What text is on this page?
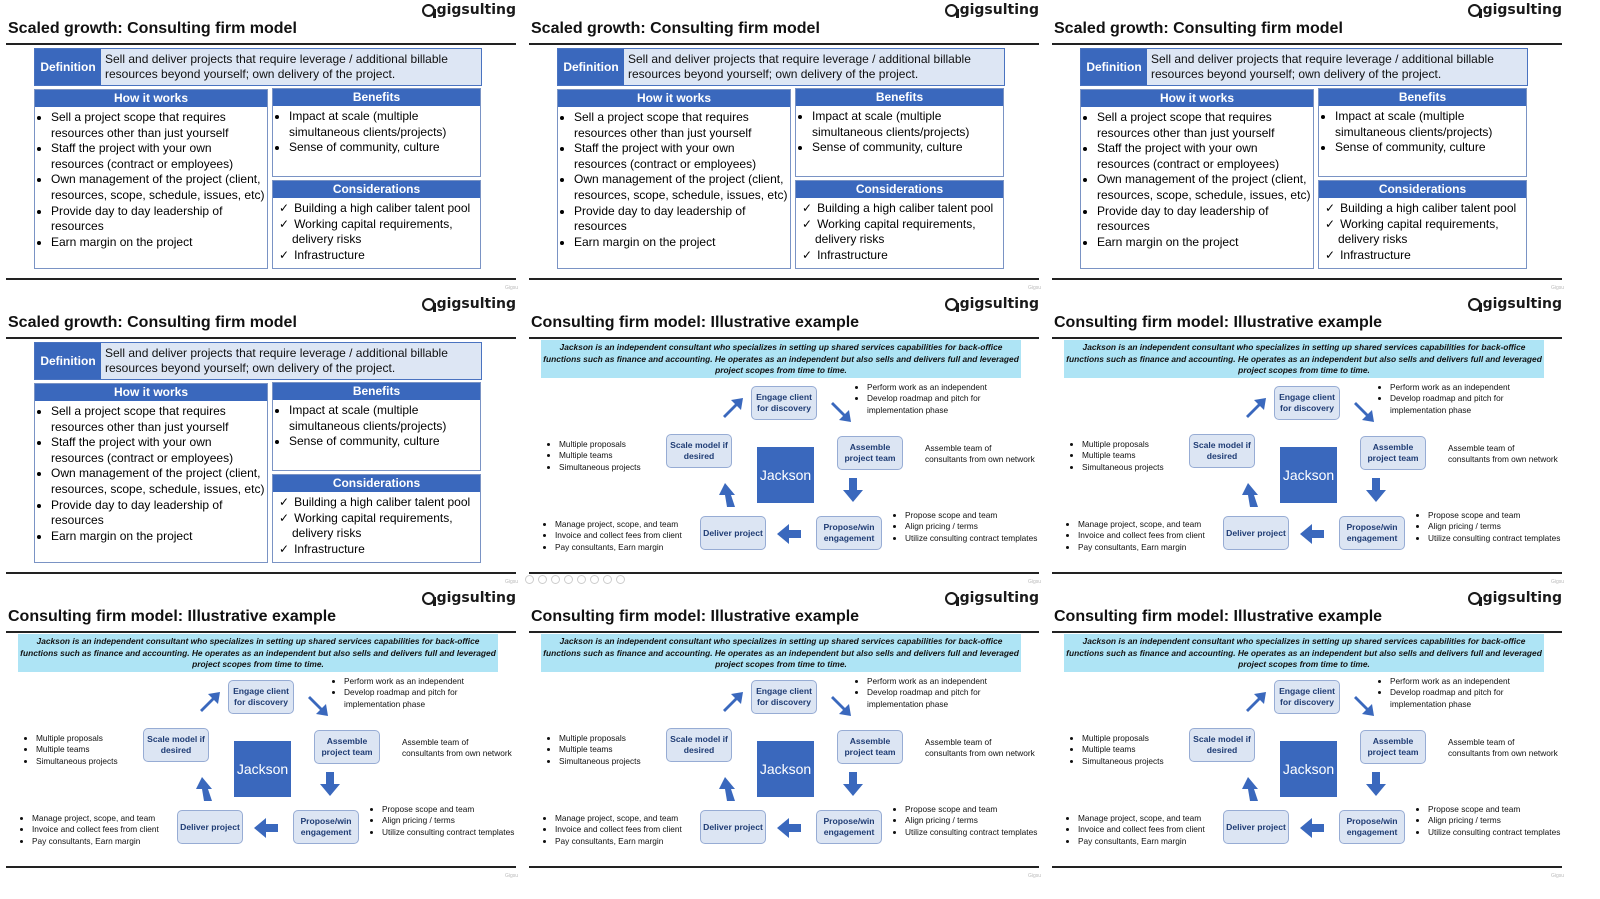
gigsulting
Scaled growth: Consulting firm model
Definition
Sell and deliver projects that require leverage / additional billable resources beyond yourself; own delivery of the project.
How it works
• Sell a project scope that requires resources other than just yourself
• Staff the project with your own resources (contract or employees)
• Own management of the project (client, resources, scope, schedule, issues, etc)
• Provide day to day leadership of resources
• Earn margin on the project
Benefits
• Impact at scale (multiple simultaneous clients/projects)
• Sense of community, culture
Considerations
✓ Building a high caliber talent pool
✓ Working capital requirements, delivery risks
✓ Infrastructure
Gigsu
gigsulting
Scaled growth: Consulting firm model
Definition
Sell and deliver projects that require leverage / additional billable resources beyond yourself; own delivery of the project.
How it works
• Sell a project scope that requires resources other than just yourself
• Staff the project with your own resources (contract or employees)
• Own management of the project (client, resources, scope, schedule, issues, etc)
• Provide day to day leadership of resources
• Earn margin on the project
Benefits
• Impact at scale (multiple simultaneous clients/projects)
• Sense of community, culture
Considerations
✓ Building a high caliber talent pool
✓ Working capital requirements, delivery risks
✓ Infrastructure
Gigsu
gigsulting
Scaled growth: Consulting firm model
Definition
Sell and deliver projects that require leverage / additional billable resources beyond yourself; own delivery of the project.
How it works
• Sell a project scope that requires resources other than just yourself
• Staff the project with your own resources (contract or employees)
• Own management of the project (client, resources, scope, schedule, issues, etc)
• Provide day to day leadership of resources
• Earn margin on the project
Benefits
• Impact at scale (multiple simultaneous clients/projects)
• Sense of community, culture
Considerations
✓ Building a high caliber talent pool
✓ Working capital requirements, delivery risks
✓ Infrastructure
Gigsu
gigsulting
Scaled growth: Consulting firm model
Definition
Sell and deliver projects that require leverage / additional billable resources beyond yourself; own delivery of the project.
How it works
• Sell a project scope that requires resources other than just yourself
• Staff the project with your own resources (contract or employees)
• Own management of the project (client, resources, scope, schedule, issues, etc)
• Provide day to day leadership of resources
• Earn margin on the project
Benefits
• Impact at scale (multiple simultaneous clients/projects)
• Sense of community, culture
Considerations
✓ Building a high caliber talent pool
✓ Working capital requirements, delivery risks
✓ Infrastructure
Gigsu
gigsulting
Consulting firm model: Illustrative example
Jackson is an independent consultant who specializes in setting up shared services capabilities for back-office functions such as finance and accounting. He operates as an independent but also sells and delivers full and leveraged project scopes from time to time.
Jackson
Engage client for discovery
Assemble project team
Propose/win engagement
Deliver project
Scale model if desired
• Perform work as an independent
• Develop roadmap and pitch for implementation phase
Assemble team of consultants from own network
• Propose scope and team
• Align pricing / terms
• Utilize consulting contract templates
• Manage project, scope, and team
• Invoice and collect fees from client
• Pay consultants, Earn margin
• Multiple proposals
• Multiple teams
• Simultaneous projects
Gigsu
gigsulting
Consulting firm model: Illustrative example
Jackson is an independent consultant who specializes in setting up shared services capabilities for back-office functions such as finance and accounting. He operates as an independent but also sells and delivers full and leveraged project scopes from time to time.
Jackson
Engage client for discovery
Assemble project team
Propose/win engagement
Deliver project
Scale model if desired
• Perform work as an independent
• Develop roadmap and pitch for implementation phase
Assemble team of consultants from own network
• Propose scope and team
• Align pricing / terms
• Utilize consulting contract templates
• Manage project, scope, and team
• Invoice and collect fees from client
• Pay consultants, Earn margin
• Multiple proposals
• Multiple teams
• Simultaneous projects
Gigsu
gigsulting
Consulting firm model: Illustrative example
Jackson is an independent consultant who specializes in setting up shared services capabilities for back-office functions such as finance and accounting. He operates as an independent but also sells and delivers full and leveraged project scopes from time to time.
Jackson
Engage client for discovery
Assemble project team
Propose/win engagement
Deliver project
Scale model if desired
• Perform work as an independent
• Develop roadmap and pitch for implementation phase
Assemble team of consultants from own network
• Propose scope and team
• Align pricing / terms
• Utilize consulting contract templates
• Manage project, scope, and team
• Invoice and collect fees from client
• Pay consultants, Earn margin
• Multiple proposals
• Multiple teams
• Simultaneous projects
Gigsu
gigsulting
Consulting firm model: Illustrative example
Jackson is an independent consultant who specializes in setting up shared services capabilities for back-office functions such as finance and accounting. He operates as an independent but also sells and delivers full and leveraged project scopes from time to time.
Jackson
Engage client for discovery
Assemble project team
Propose/win engagement
Deliver project
Scale model if desired
• Perform work as an independent
• Develop roadmap and pitch for implementation phase
Assemble team of consultants from own network
• Propose scope and team
• Align pricing / terms
• Utilize consulting contract templates
• Manage project, scope, and team
• Invoice and collect fees from client
• Pay consultants, Earn margin
• Multiple proposals
• Multiple teams
• Simultaneous projects
Gigsu
gigsulting
Consulting firm model: Illustrative example
Jackson is an independent consultant who specializes in setting up shared services capabilities for back-office functions such as finance and accounting. He operates as an independent but also sells and delivers full and leveraged project scopes from time to time.
Jackson
Engage client for discovery
Assemble project team
Propose/win engagement
Deliver project
Scale model if desired
• Perform work as an independent
• Develop roadmap and pitch for implementation phase
Assemble team of consultants from own network
• Propose scope and team
• Align pricing / terms
• Utilize consulting contract templates
• Manage project, scope, and team
• Invoice and collect fees from client
• Pay consultants, Earn margin
• Multiple proposals
• Multiple teams
• Simultaneous projects
Gigsu
